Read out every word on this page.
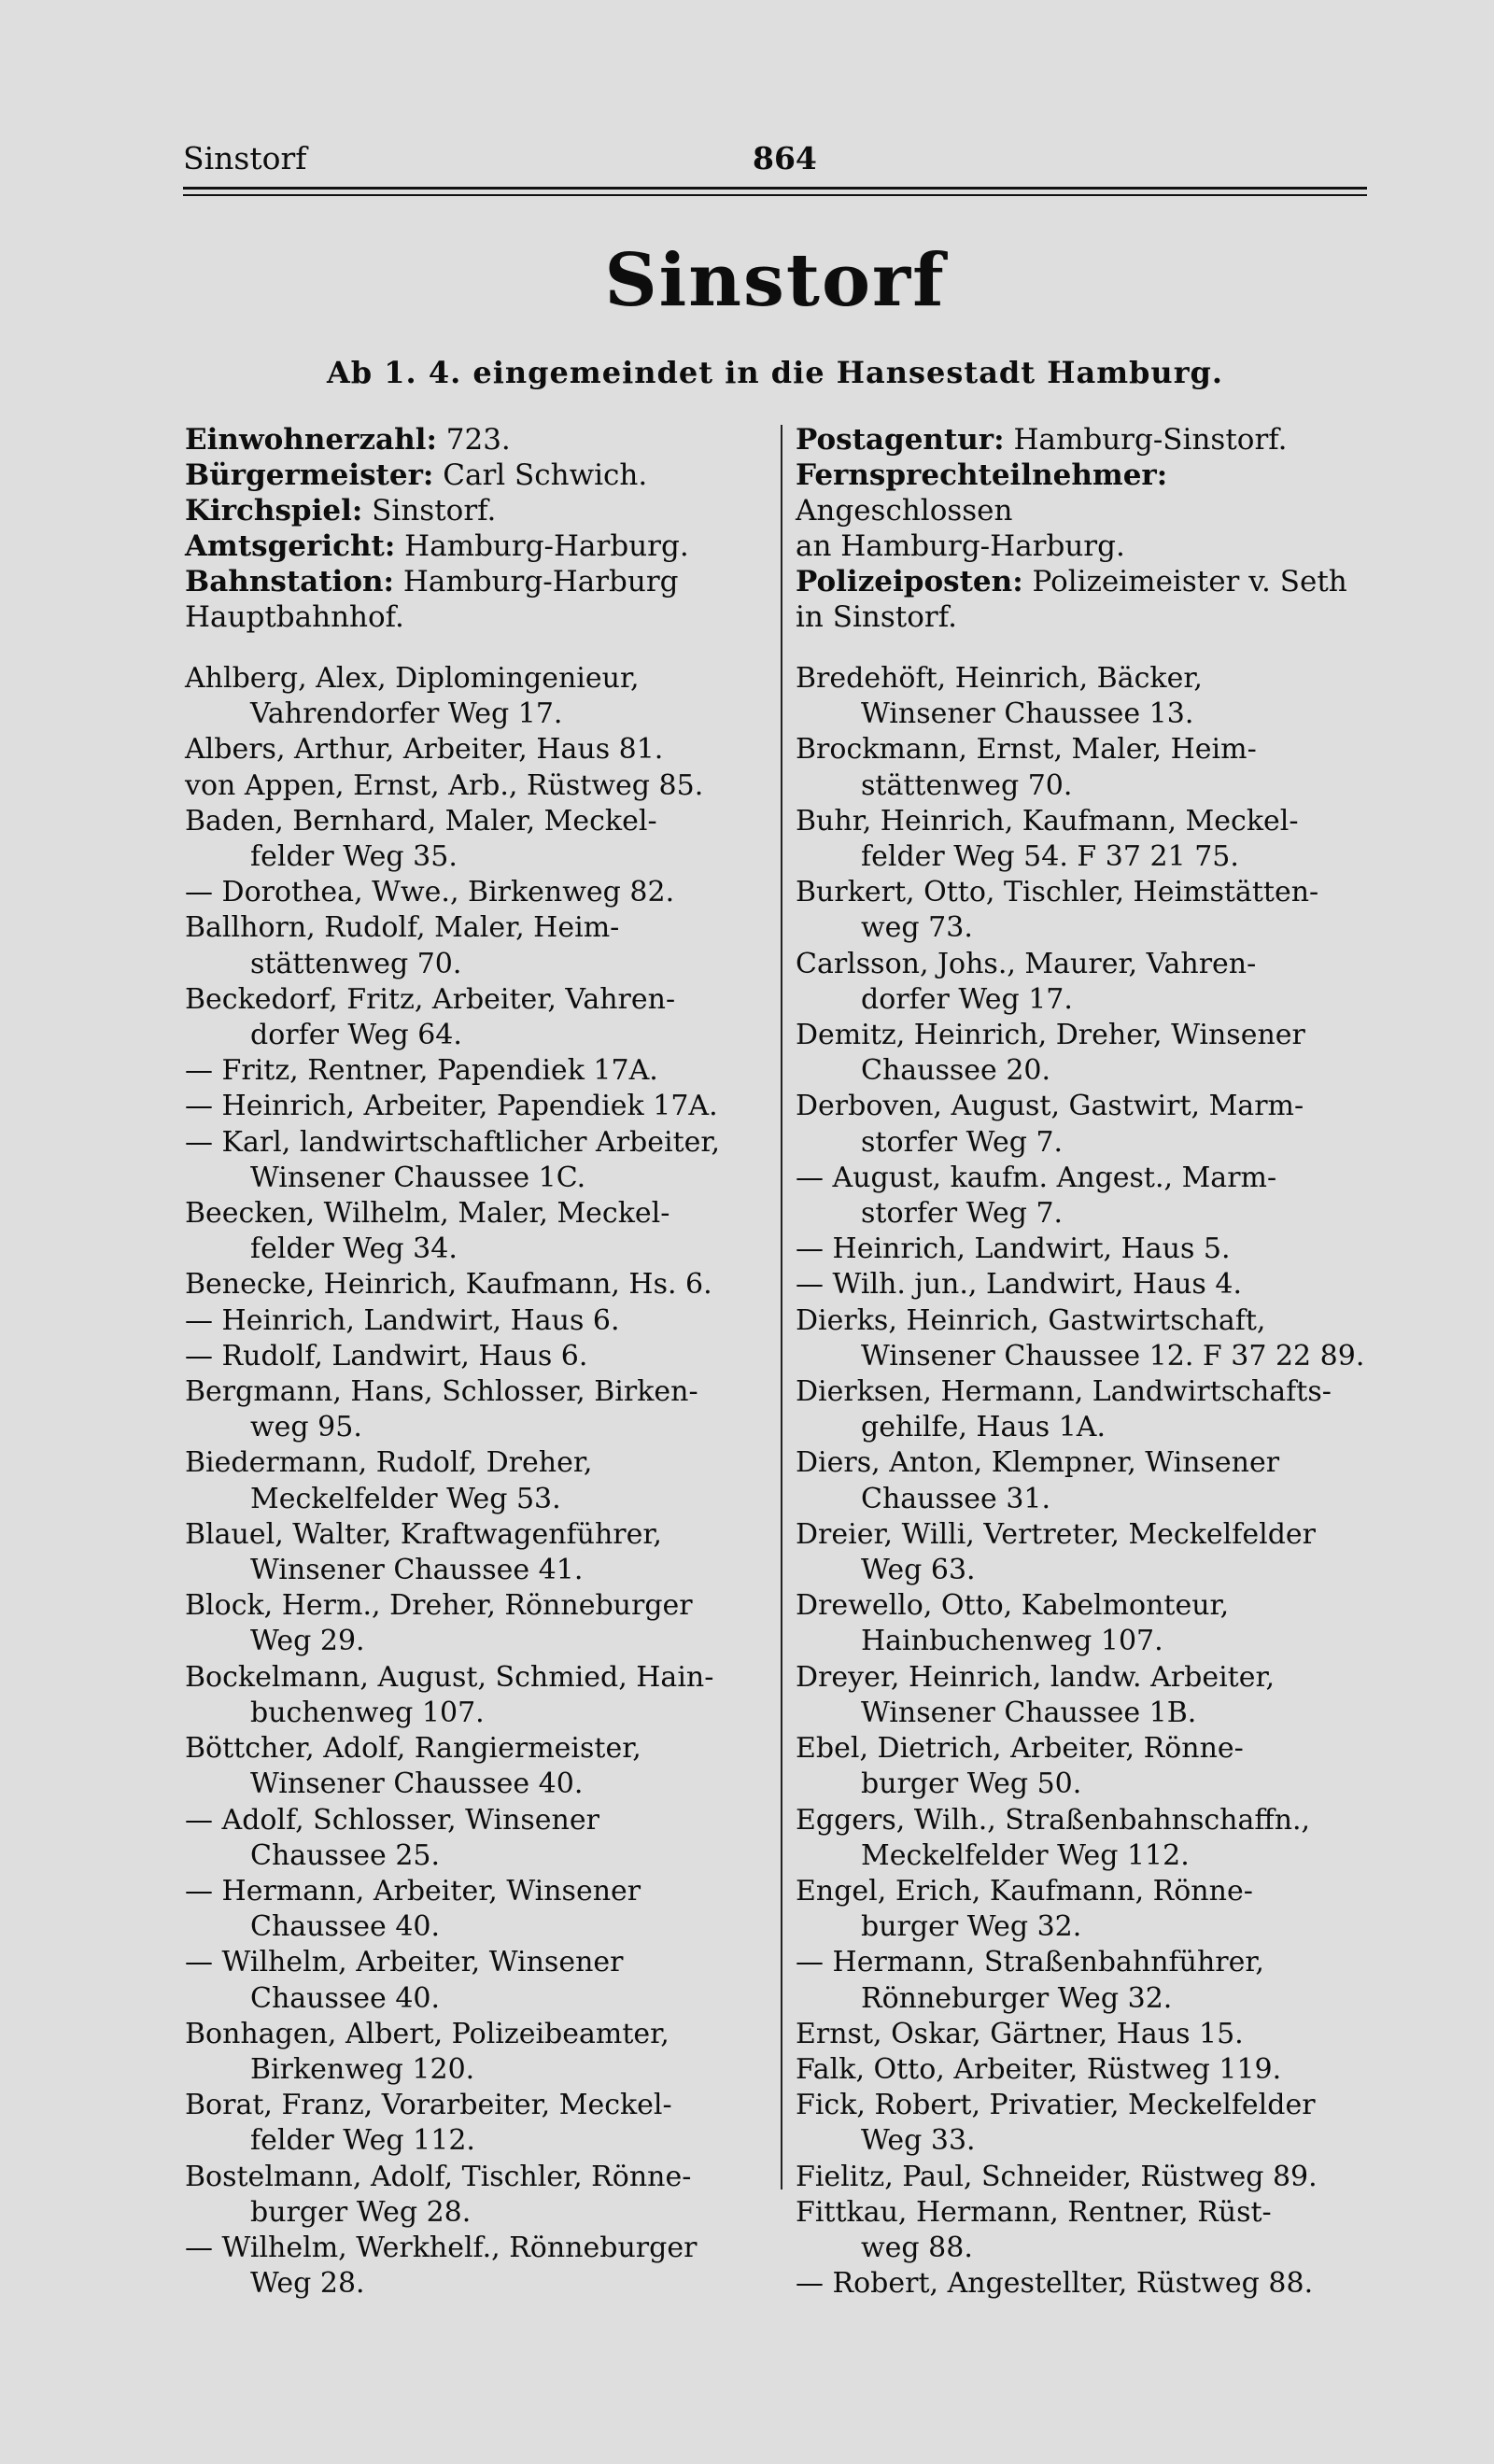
Sinstorf	864
Sinstorf
Ab 1. 4. eingemeindet in die Hansestadt Hamburg.
Einwohnerzahl: 723.
Bürgermeister: Carl Schwich.
Kirchspiel: Sinstorf.
Amtsgericht: Hamburg-Harburg.
Bahnstation: Hamburg-Harburg
Hauptbahnhof.
Postagentur: Hamburg-Sinstorf.
Fernsprechteilnehmer: Angeschlossen
an Hamburg-Harburg.
Polizeiposten: Polizeimeister v. Seth
in Sinstorf.
Ahlberg, Alex, Diplomingenieur,
Vahrendorfer Weg 17.
Albers, Arthur, Arbeiter, Haus 81.
von Appen, Ernst, Arb., Rüstweg 85.
Baden, Bernhard, Maler, Meckel-
felder Weg 35.
— Dorothea, Wwe., Birkenweg 82.
Ballhorn, Rudolf, Maler, Heim-
stättenweg 70.
Beckedorf, Fritz, Arbeiter, Vahren-
dorfer Weg 64.
— Fritz, Rentner, Papendiek 17A.
— Heinrich, Arbeiter, Papendiek 17A.
— Karl, landwirtschaftlicher Arbeiter,
Winsener Chaussee 1C.
Beecken, Wilhelm, Maler, Meckel-
felder Weg 34.
Benecke, Heinrich, Kaufmann, Hs. 6.
— Heinrich, Landwirt, Haus 6.
— Rudolf, Landwirt, Haus 6.
Bergmann, Hans, Schlosser, Birken-
weg 95.
Biedermann, Rudolf, Dreher,
Meckelfelder Weg 53.
Blauel, Walter, Kraftwagenführer,
Winsener Chaussee 41.
Block, Herm., Dreher, Rönneburger
Weg 29.
Bockelmann, August, Schmied, Hain-
buchenweg 107.
Böttcher, Adolf, Rangiermeister,
Winsener Chaussee 40.
— Adolf, Schlosser, Winsener
Chaussee 25.
— Hermann, Arbeiter, Winsener
Chaussee 40.
— Wilhelm, Arbeiter, Winsener
Chaussee 40.
Bonhagen, Albert, Polizeibeamter,
Birkenweg 120.
Borat, Franz, Vorarbeiter, Meckel-
felder Weg 112.
Bostelmann, Adolf, Tischler, Rönne-
burger Weg 28.
— Wilhelm, Werkhelf., Rönneburger
Weg 28.
Bredehöft, Heinrich, Bäcker,
Winsener Chaussee 13.
Brockmann, Ernst, Maler, Heim-
stättenweg 70.
Buhr, Heinrich, Kaufmann, Meckel-
felder Weg 54. F 37 21 75.
Burkert, Otto, Tischler, Heimstätten-
weg 73.
Carlsson, Johs., Maurer, Vahren-
dorfer Weg 17.
Demitz, Heinrich, Dreher, Winsener
Chaussee 20.
Derboven, August, Gastwirt, Marm-
storfer Weg 7.
— August, kaufm. Angest., Marm-
storfer Weg 7.
— Heinrich, Landwirt, Haus 5.
— Wilh. jun., Landwirt, Haus 4.
Dierks, Heinrich, Gastwirtschaft,
Winsener Chaussee 12. F 37 22 89.
Dierksen, Hermann, Landwirtschafts-
gehilfe, Haus 1A.
Diers, Anton, Klempner, Winsener
Chaussee 31.
Dreier, Willi, Vertreter, Meckelfelder
Weg 63.
Drewello, Otto, Kabelmonteur,
Hainbuchenweg 107.
Dreyer, Heinrich, landw. Arbeiter,
Winsener Chaussee 1B.
Ebel, Dietrich, Arbeiter, Rönne-
burger Weg 50.
Eggers, Wilh., Straßenbahnschaffn.,
Meckelfelder Weg 112.
Engel, Erich, Kaufmann, Rönne-
burger Weg 32.
— Hermann, Straßenbahnführer,
Rönneburger Weg 32.
Ernst, Oskar, Gärtner, Haus 15.
Falk, Otto, Arbeiter, Rüstweg 119.
Fick, Robert, Privatier, Meckelfelder
Weg 33.
Fielitz, Paul, Schneider, Rüstweg 89.
Fittkau, Hermann, Rentner, Rüst-
weg 88.
— Robert, Angestellter, Rüstweg 88.
